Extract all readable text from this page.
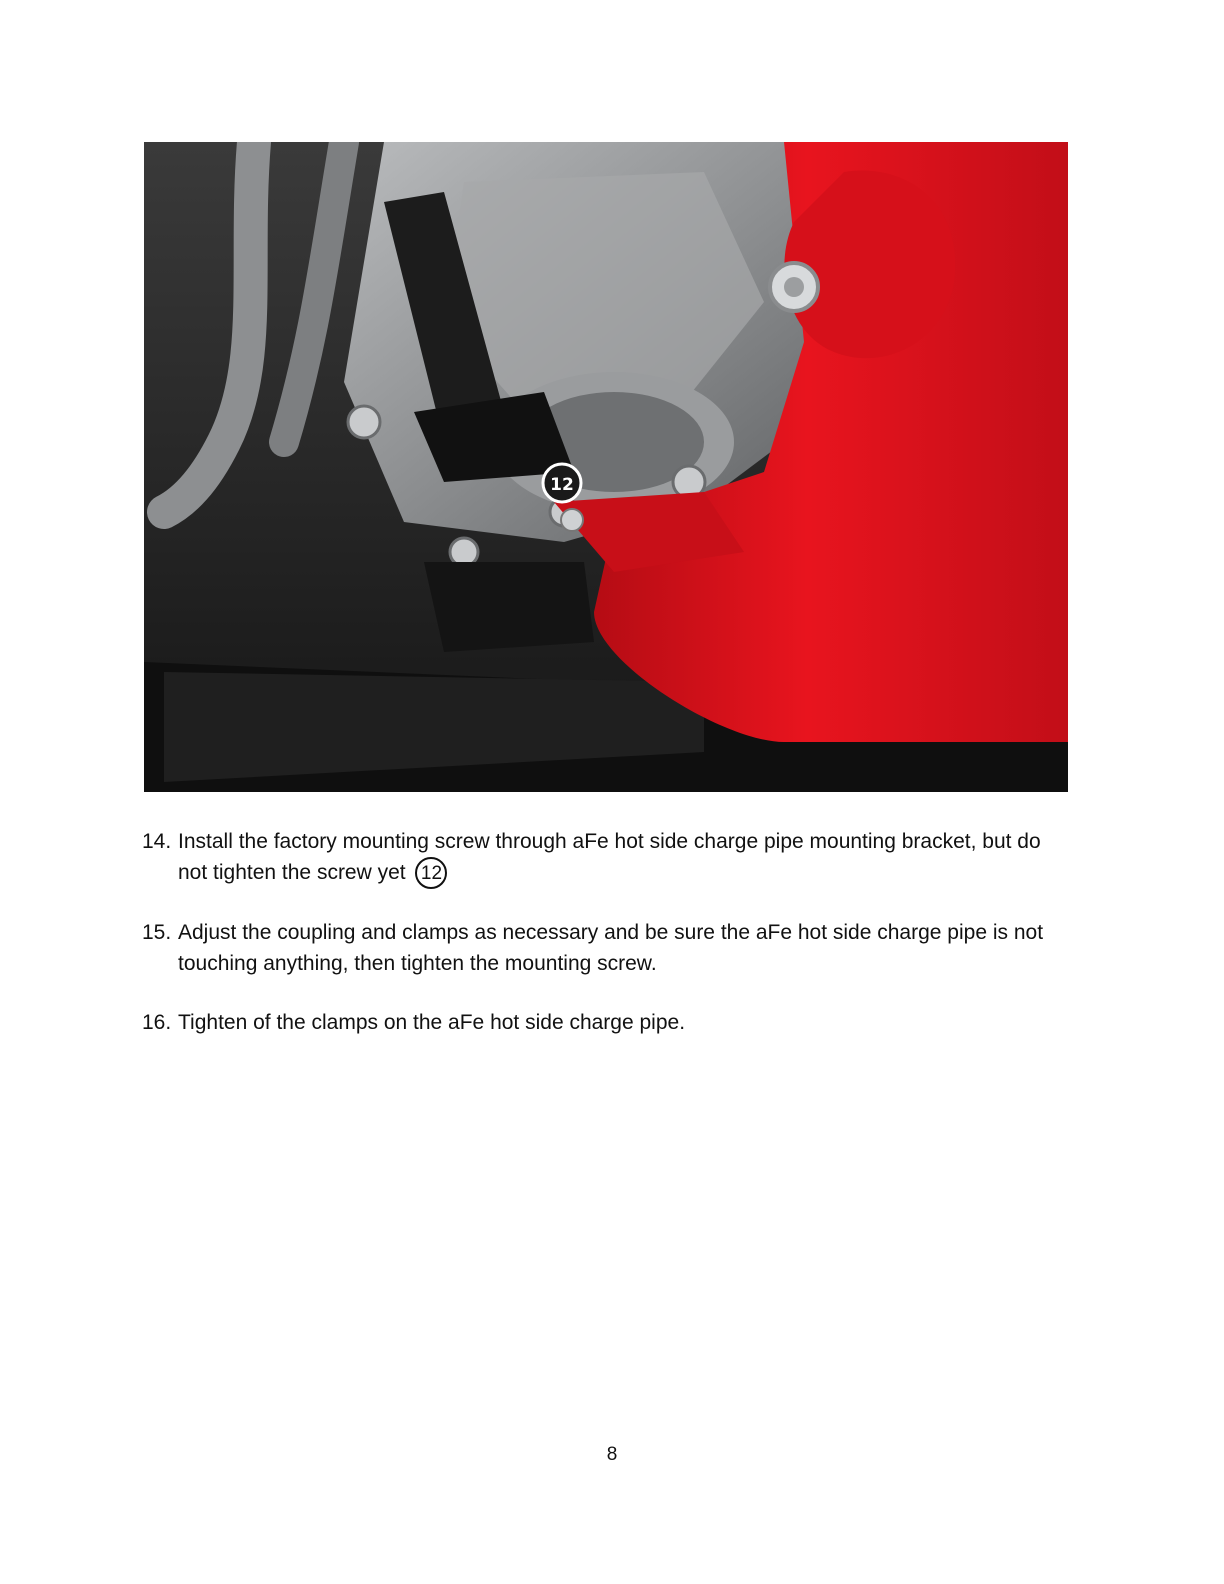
12
14. Install the factory mounting screw through aFe hot side charge pipe mounting bracket, but do not tighten the screw yet 12
15. Adjust the coupling and clamps as necessary and be sure the aFe hot side charge pipe is not touching anything, then tighten the mounting screw.
16. Tighten of the clamps on the aFe hot side charge pipe.
8
